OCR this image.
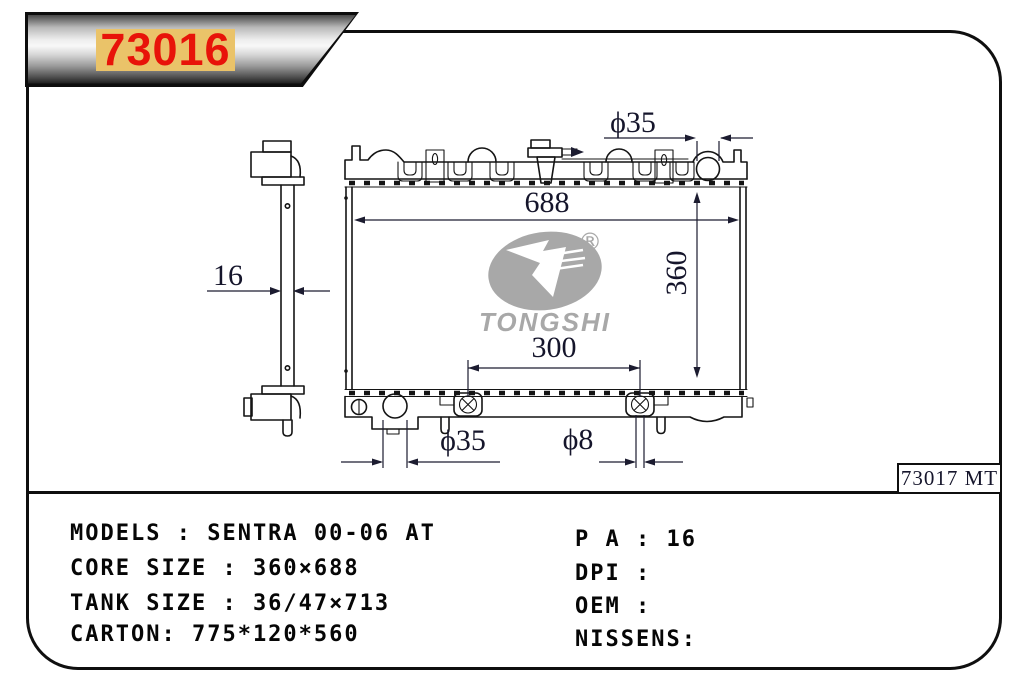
73016
®
TONGSHI
16
688
360
ϕ35
300
ϕ8
ϕ35
73017 MT
MODELS : SENTRA 00-06 AT
CORE SIZE : 360×688
TANK SIZE : 36/47×713
CARTON: 775*120*560
P A : 16
DPI :
OEM :
NISSENS:
